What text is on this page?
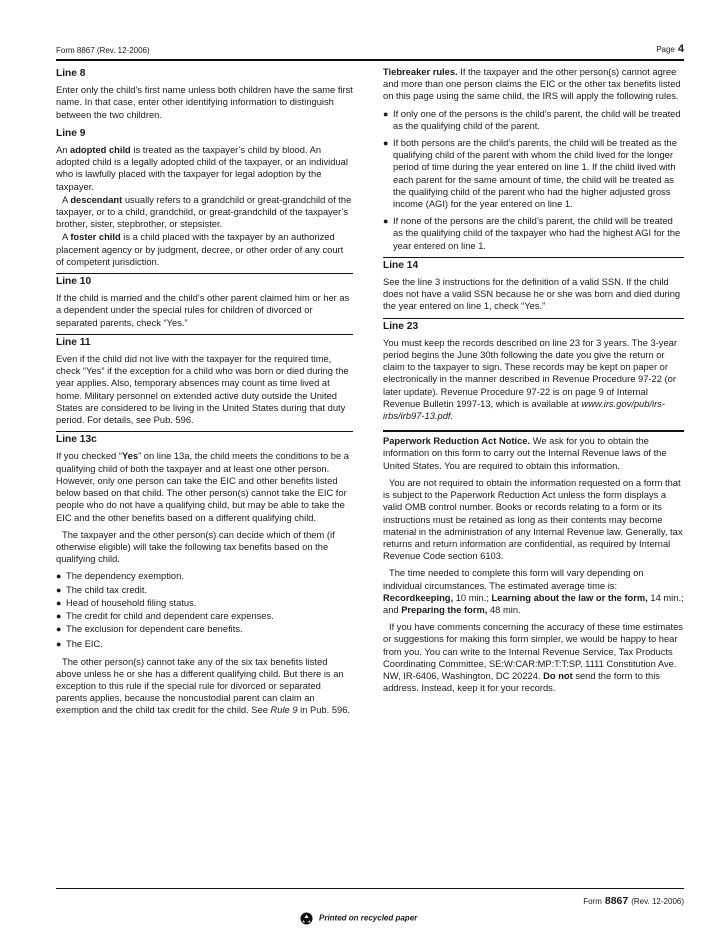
Form 8867 (Rev. 12-2006)	Page 4
Line 8

Enter only the child’s first name unless both children have the same first name. In that case, enter other identifying information to distinguish between the two children.

Line 9

An adopted child is treated as the taxpayer’s child by blood. An adopted child is a legally adopted child of the taxpayer, or an individual who is lawfully placed with the taxpayer for legal adoption by the taxpayer.

A descendant usually refers to a grandchild or great-grandchild of the taxpayer, or to a child, grandchild, or great-grandchild of the taxpayer’s brother, sister, stepbrother, or stepsister.

A foster child is a child placed with the taxpayer by an authorized placement agency or by judgment, decree, or other order of any court of competent jurisdiction.

Line 10

If the child is married and the child’s other parent claimed him or her as a dependent under the special rules for children of divorced or separated parents, check “Yes.”

Line 11

Even if the child did not live with the taxpayer for the required time, check “Yes” if the exception for a child who was born or died during the year applies. Also, temporary absences may count as time lived at home. Military personnel on extended active duty outside the United States are considered to be living in the United States during that duty period. For details, see Pub. 596.

Line 13c

If you checked “Yes” on line 13a, the child meets the conditions to be a qualifying child of both the taxpayer and at least one other person. However, only one person can take the EIC and other benefits listed below based on that child. The other person(s) cannot take the EIC for people who do not have a qualifying child, but may be able to take the EIC and the other benefits based on a different qualifying child.

The taxpayer and the other person(s) can decide which of them (if otherwise eligible) will take the following tax benefits based on the qualifying child.

● The dependency exemption.

● The child tax credit.

● Head of household filing status.

● The credit for child and dependent care expenses.

● The exclusion for dependent care benefits.

● The EIC.

The other person(s) cannot take any of the six tax benefits listed above unless he or she has a different qualifying child. But there is an exception to this rule if the special rule for divorced or separated parents applies, because the noncustodial parent can claim an exemption and the child tax credit for the child. See Rule 9 in Pub. 596.

Tiebreaker rules. If the taxpayer and the other person(s) cannot agree and more than one person claims the EIC or the other tax benefits listed on this page using the same child, the IRS will apply the following rules.

● If only one of the persons is the child’s parent, the child will be treated as the qualifying child of the parent.

● If both persons are the child’s parents, the child will be treated as the qualifying child of the parent with whom the child lived for the longer period of time during the year entered on line 1. If the child lived with each parent for the same amount of time, the child will be treated as the qualifying child of the parent who had the higher adjusted gross income (AGI) for the year entered on line 1.

● If none of the persons are the child’s parent, the child will be treated as the qualifying child of the taxpayer who had the highest AGI for the year entered on line 1.

Line 14

See the line 3 instructions for the definition of a valid SSN. If the child does not have a valid SSN because he or she was born and died during the year entered on line 1, check “Yes.”

Line 23

You must keep the records described on line 23 for 3 years. The 3-year period begins the June 30th following the date you give the return or claim to the taxpayer to sign. These records may be kept on paper or electronically in the manner described in Revenue Procedure 97-22 (or later update). Revenue Procedure 97-22 is on page 9 of Internal Revenue Bulletin 1997-13, which is available at www.irs.gov/pub/irs-irbs/irb97-13.pdf.

Paperwork Reduction Act Notice. We ask for you to obtain the information on this form to carry out the Internal Revenue laws of the United States. You are required to obtain this information.

You are not required to obtain the information requested on a form that is subject to the Paperwork Reduction Act unless the form displays a valid OMB control number. Books or records relating to a form or its instructions must be retained as long as their contents may become material in the administration of any Internal Revenue law. Generally, tax returns and return information are confidential, as required by Internal Revenue Code section 6103.

The time needed to complete this form will vary depending on individual circumstances. The estimated average time is: Recordkeeping, 10 min.; Learning about the law or the form, 14 min.; and Preparing the form, 48 min.

If you have comments concerning the accuracy of these time estimates or suggestions for making this form simpler, we would be happy to hear from you. You can write to the Internal Revenue Service, Tax Products Coordinating Committee, SE:W:CAR:MP:T:T:SP, 1111 Constitution Ave. NW, IR-6406, Washington, DC 20224. Do not send the form to this address. Instead, keep it for your records.

Form 8867 (Rev. 12-2006)
Printed on recycled paper
